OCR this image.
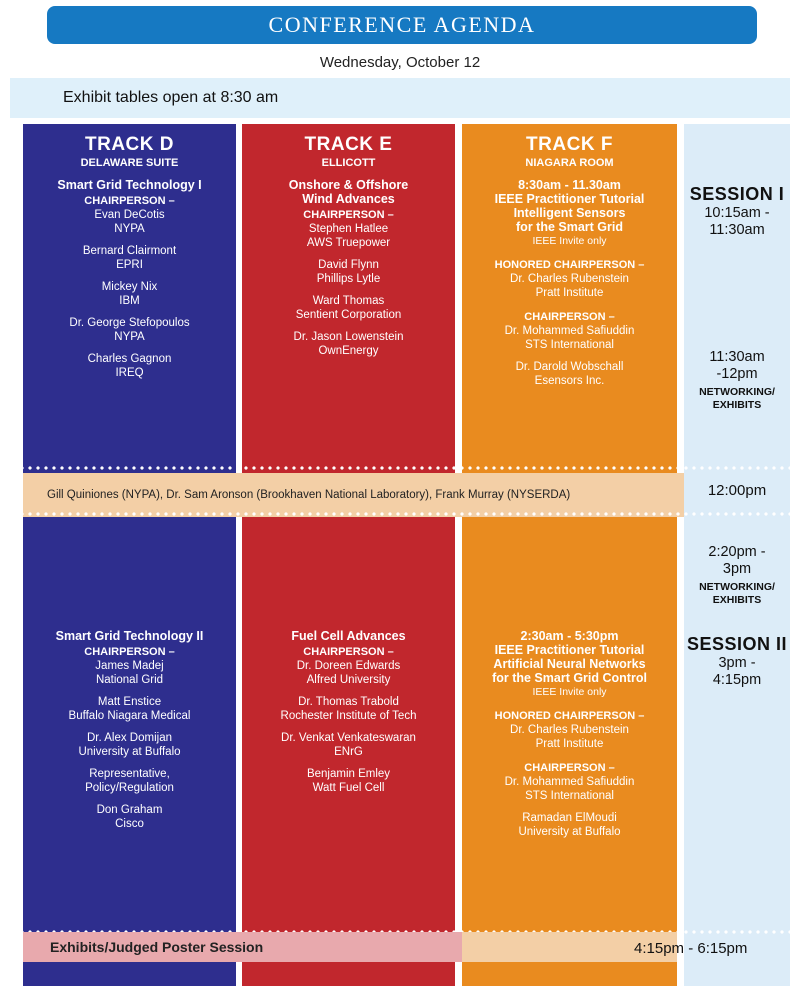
CONFERENCE AGENDA
Wednesday, October 12
Exhibit tables open at 8:30 am
TRACK D
DELAWARE SUITE
Smart Grid Technology I
CHAIRPERSON –
Evan DeCotis
NYPA
Bernard Clairmont
EPRI
Mickey Nix
IBM
Dr. George Stefopoulos
NYPA
Charles Gagnon
IREQ
Smart Grid Technology II
CHAIRPERSON –
James Madej
National Grid
Matt Enstice
Buffalo Niagara Medical
Dr. Alex Domijan
University at Buffalo
Representative,
Policy/Regulation
Don Graham
Cisco
TRACK E
ELLICOTT
Onshore & Offshore
Wind Advances
CHAIRPERSON –
Stephen Hatlee
AWS Truepower
David Flynn
Phillips Lytle
Ward Thomas
Sentient Corporation
Dr. Jason Lowenstein
OwnEnergy
Fuel Cell Advances
CHAIRPERSON –
Dr. Doreen Edwards
Alfred University
Dr. Thomas Trabold
Rochester Institute of Tech
Dr. Venkat Venkateswaran
ENrG
Benjamin Emley
Watt Fuel Cell
TRACK F
NIAGARA ROOM
8:30am - 11.30am
IEEE Practitioner Tutorial
Intelligent Sensors
for the Smart Grid
IEEE Invite only
HONORED CHAIRPERSON –
Dr. Charles Rubenstein
Pratt Institute
CHAIRPERSON –
Dr. Mohammed Safiuddin
STS International
Dr. Darold Wobschall
Esensors Inc.
2:30am - 5:30pm
IEEE Practitioner Tutorial
Artificial Neural Networks
for the Smart Grid Control
IEEE Invite only
HONORED CHAIRPERSON –
Dr. Charles Rubenstein
Pratt Institute
CHAIRPERSON –
Dr. Mohammed Safiuddin
STS International
Ramadan ElMoudi
University at Buffalo
SESSION I
10:15am -
11:30am
11:30am
-12pm
NETWORKING/
EXHIBITS
2:20pm -
3pm
NETWORKING/
EXHIBITS
SESSION II
3pm -
4:15pm
Gill Quiniones (NYPA), Dr. Sam Aronson (Brookhaven National Laboratory), Frank Murray (NYSERDA)	12:00pm
Exhibits/Judged Poster Session	4:15pm - 6:15pm
